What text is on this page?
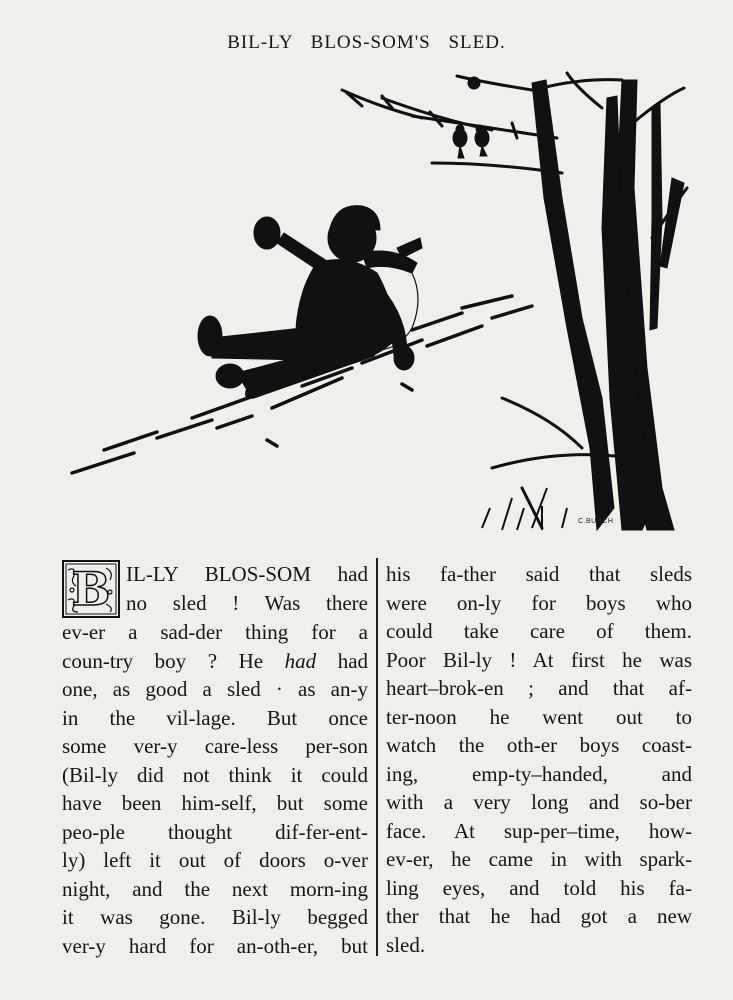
BIL-LY BLOS-SOM'S SLED.
C.BURCH
B IL-LY BLOS-SOM had
no sled ! Was there
ev-er a sad-der thing for a
coun-try boy ? He had had
one, as good a sled · as an-y
in the vil-lage. But once
some ver-y care-less per-son
(Bil-ly did not think it could
have been him-self, but some
peo-ple thought dif-fer-ent-
ly) left it out of doors o-ver
night, and the next morn-ing
it was gone. Bil-ly begged
ver-y hard for an-oth-er, but
his fa-ther said that sleds
were on-ly for boys who
could take care of them.
Poor Bil-ly ! At first he was
heart–brok-en ; and that af-
ter-noon he went out to
watch the oth-er boys coast-
ing, emp-ty–handed, and
with a very long and so-ber
face. At sup-per–time, how-
ev-er, he came in with spark-
ling eyes, and told his fa-
ther that he had got a new
sled.
